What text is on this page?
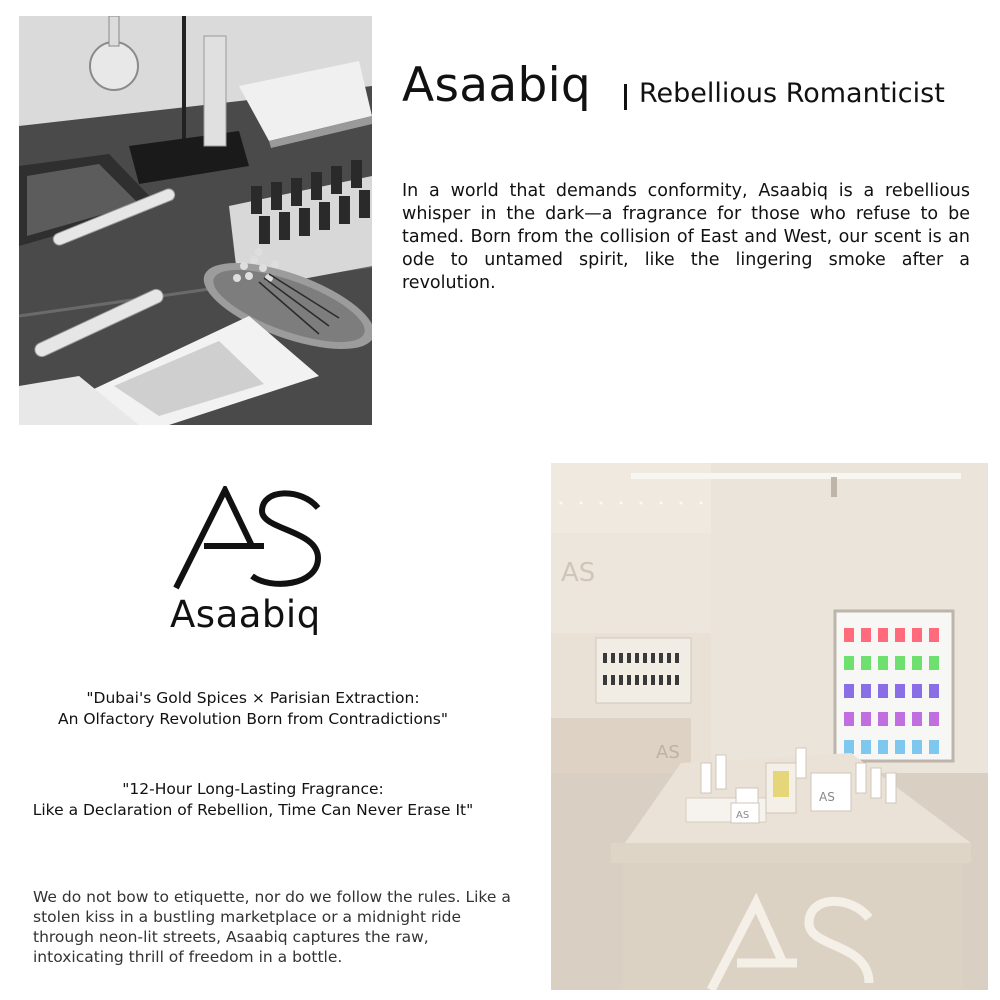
Asaabiq Rebellious Romanticist
In a world that demands conformity, Asaabiq is a rebellious whisper in the dark—a fragrance for those who refuse to be tamed. Born from the collision of East and West, our scent is an ode to untamed spirit, like the lingering smoke after a revolution.
Asaabiq
"Dubai's Gold Spices × Parisian Extraction:
An Olfactory Revolution Born from Contradictions"
"12-Hour Long-Lasting Fragrance:
Like a Declaration of Rebellion, Time Can Never Erase It"
We do not bow to etiquette, nor do we follow the rules. Like a stolen kiss in a bustling marketplace or a midnight ride through neon-lit streets, Asaabiq captures the raw, intoxicating thrill of freedom in a bottle.
AS
AS
AS
AS
